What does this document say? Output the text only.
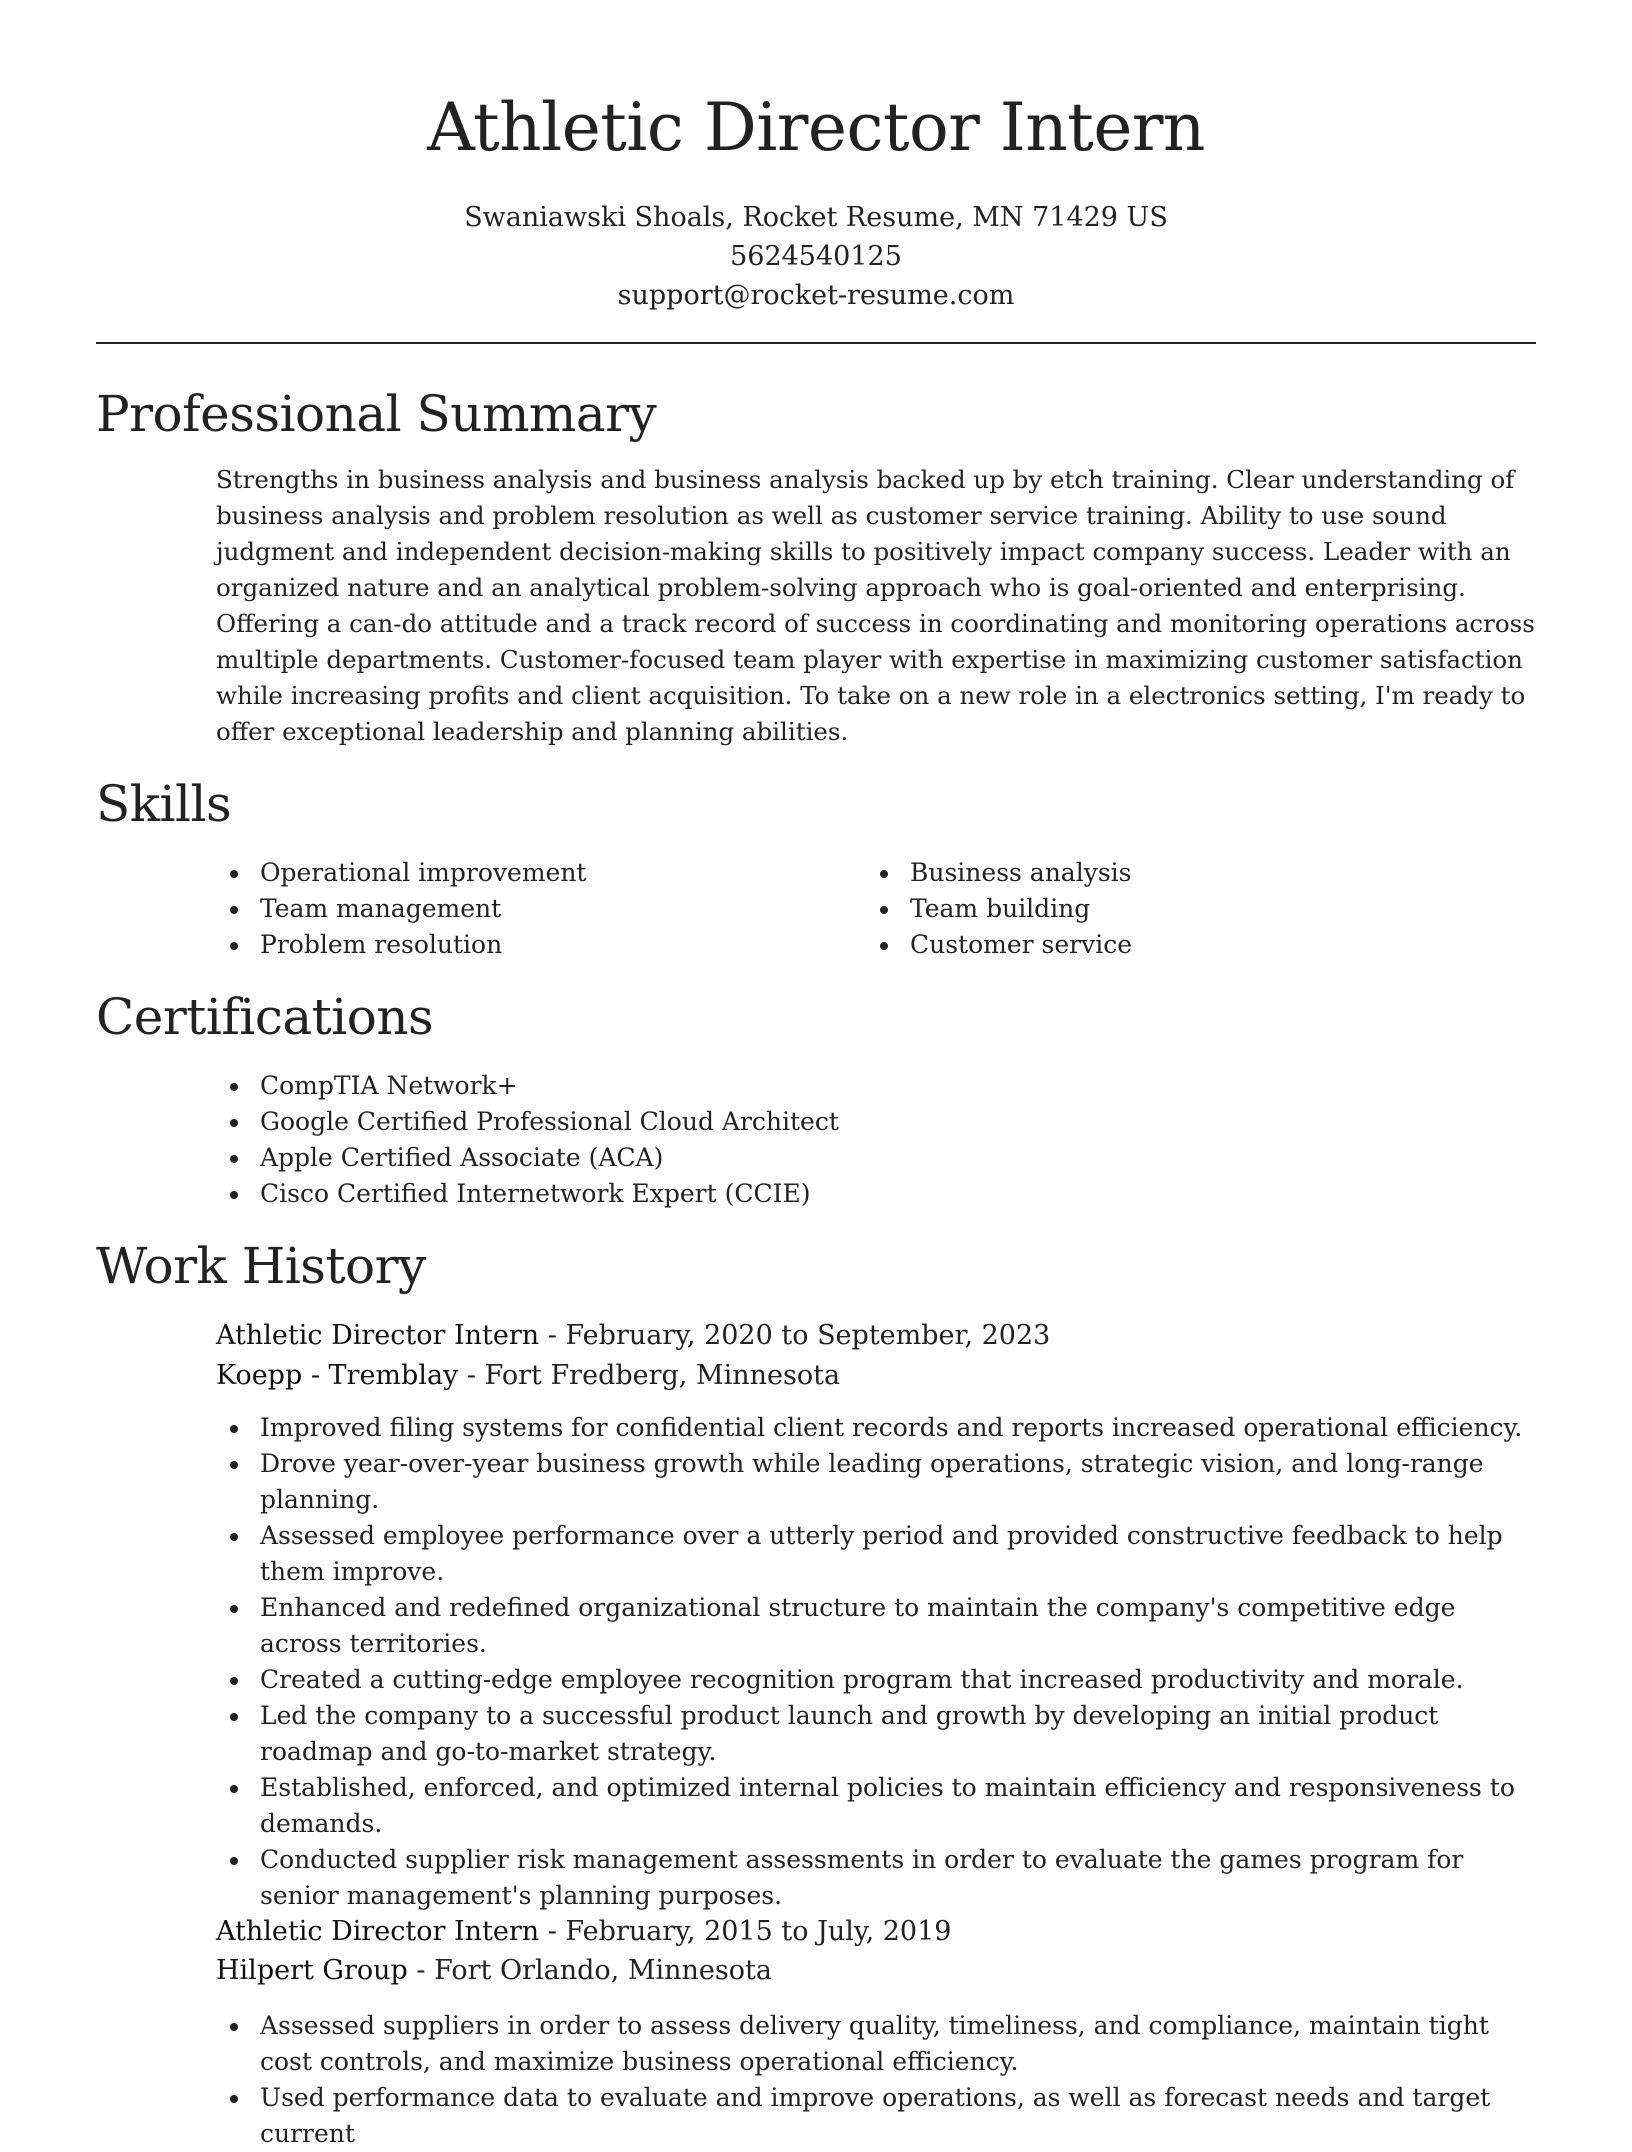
Athletic Director Intern
Swaniawski Shoals, Rocket Resume, MN 71429 US
5624540125
support@rocket-resume.com
Professional Summary

Strengths in business analysis and business analysis backed up by etch training. Clear understanding of business analysis and problem resolution as well as customer service training. Ability to use sound judgment and independent decision-making skills to positively impact company success. Leader with an organized nature and an analytical problem-solving approach who is goal-oriented and enterprising. Offering a can-do attitude and a track record of success in coordinating and monitoring operations across multiple departments. Customer-focused team player with expertise in maximizing customer satisfaction while increasing profits and client acquisition. To take on a new role in a electronics setting, I'm ready to offer exceptional leadership and planning abilities.

Skills
Operational improvement
Team management
Problem resolution
Business analysis
Team building
Customer service
Certifications
CompTIA Network+
Google Certified Professional Cloud Architect
Apple Certified Associate (ACA)
Cisco Certified Internetwork Expert (CCIE)
Work History
Athletic Director Intern - February, 2020 to September, 2023
Koepp - Tremblay - Fort Fredberg, Minnesota
Improved filing systems for confidential client records and reports increased operational efficiency.
Drove year-over-year business growth while leading operations, strategic vision, and long-range planning.
Assessed employee performance over a utterly period and provided constructive feedback to help them improve.
Enhanced and redefined organizational structure to maintain the company's competitive edge across territories.
Created a cutting-edge employee recognition program that increased productivity and morale.
Led the company to a successful product launch and growth by developing an initial product roadmap and go-to-market strategy.
Established, enforced, and optimized internal policies to maintain efficiency and responsiveness to demands.
Conducted supplier risk management assessments in order to evaluate the games program for senior management's planning purposes.
Athletic Director Intern - February, 2015 to July, 2019
Hilpert Group - Fort Orlando, Minnesota
Assessed suppliers in order to assess delivery quality, timeliness, and compliance, maintain tight cost controls, and maximize business operational efficiency.
Used performance data to evaluate and improve operations, as well as forecast needs and target current
